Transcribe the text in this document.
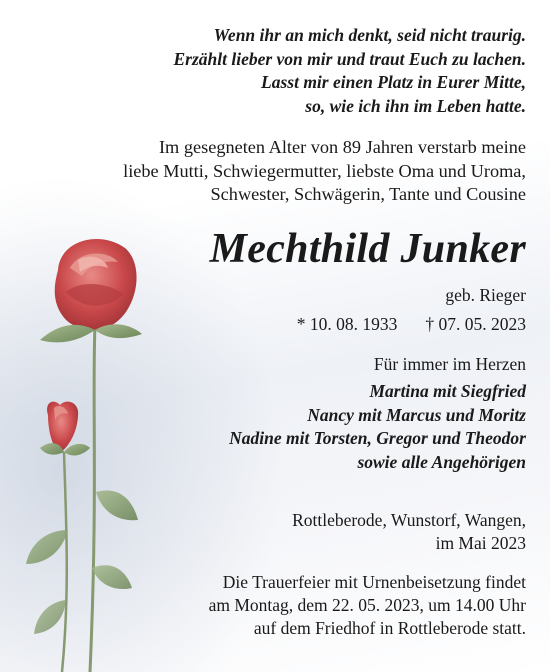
Wenn ihr an mich denkt, seid nicht traurig.
Erzählt lieber von mir und traut Euch zu lachen.
Lasst mir einen Platz in Eurer Mitte,
so, wie ich ihn im Leben hatte.
Im gesegneten Alter von 89 Jahren verstarb meine
liebe Mutti, Schwiegermutter, liebste Oma und Uroma,
Schwester, Schwägerin, Tante und Cousine
Mechthild Junker
geb. Rieger
* 10. 08. 1933 † 07. 05. 2023
Für immer im Herzen
Martina mit Siegfried
Nancy mit Marcus und Moritz
Nadine mit Torsten, Gregor und Theodor
sowie alle Angehörigen
Rottleberode, Wunstorf, Wangen,
im Mai 2023
Die Trauerfeier mit Urnenbeisetzung findet
am Montag, dem 22. 05. 2023, um 14.00 Uhr
auf dem Friedhof in Rottleberode statt.
